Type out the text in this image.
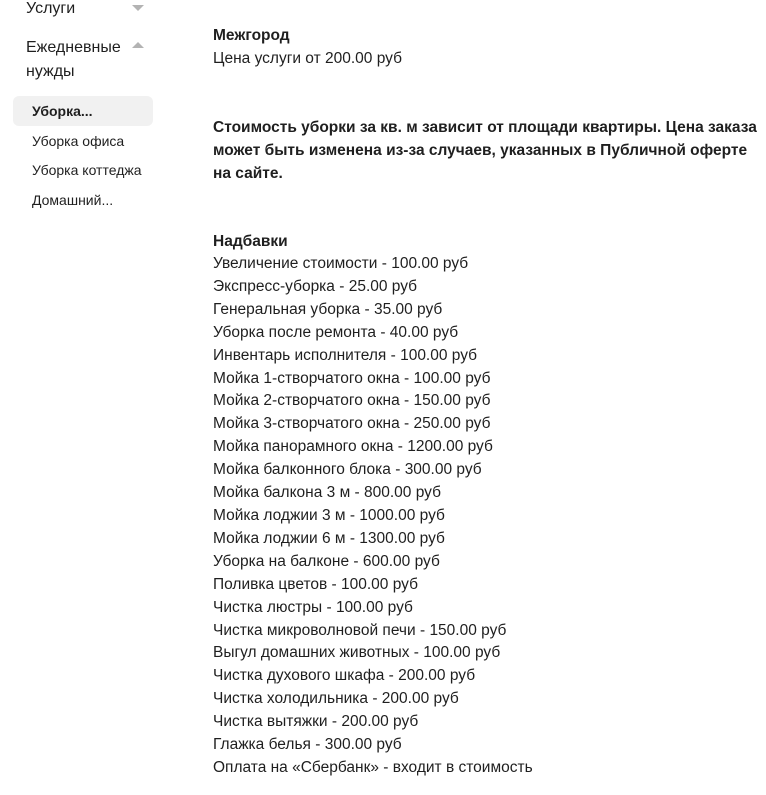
Услуги
Ежедневные нужды
Уборка...
Уборка офиса
Уборка коттеджа
Домашний...
Межгород
Цена услуги от 200.00 руб
Стоимость уборки за кв. м зависит от площади квартиры. Цена заказа может быть изменена из-за случаев, указанных в Публичной оферте на сайте.
Надбавки
Увеличение стоимости - 100.00 руб
Экспресс-уборка - 25.00 руб
Генеральная уборка - 35.00 руб
Уборка после ремонта - 40.00 руб
Инвентарь исполнителя - 100.00 руб
Мойка 1-створчатого окна - 100.00 руб
Мойка 2-створчатого окна - 150.00 руб
Мойка 3-створчатого окна - 250.00 руб
Мойка панорамного окна - 1200.00 руб
Мойка балконного блока - 300.00 руб
Мойка балкона 3 м - 800.00 руб
Мойка лоджии 3 м - 1000.00 руб
Мойка лоджии 6 м - 1300.00 руб
Уборка на балконе - 600.00 руб
Поливка цветов - 100.00 руб
Чистка люстры - 100.00 руб
Чистка микроволновой печи - 150.00 руб
Выгул домашних животных - 100.00 руб
Чистка духового шкафа - 200.00 руб
Чистка холодильника - 200.00 руб
Чистка вытяжки - 200.00 руб
Глажка белья - 300.00 руб
Оплата на «Сбербанк» - входит в стоимость
